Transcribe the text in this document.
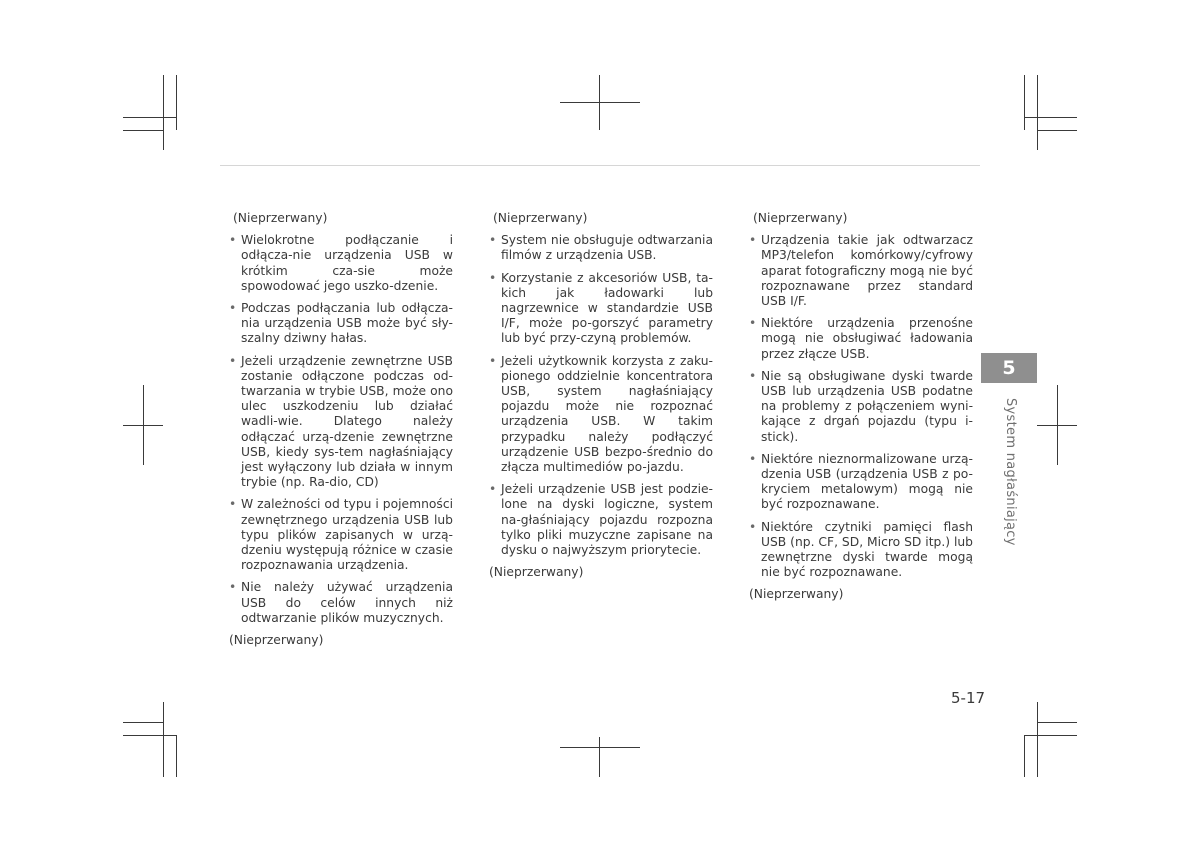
(Nieprzerwany)
• Wielokrotne podłączanie i odłącza-nie urządzenia USB w krótkim cza-sie może spowodować jego uszko-dzenie.
• Podczas podłączania lub odłącza-nia urządzenia USB może być sły-szalny dziwny hałas.
• Jeżeli urządzenie zewnętrzne USB zostanie odłączone podczas od-twarzania w trybie USB, może ono ulec uszkodzeniu lub działać wadli-wie. Dlatego należy odłączać urzą-dzenie zewnętrzne USB, kiedy sys-tem nagłaśniający jest wyłączony lub działa w innym trybie (np. Ra-dio, CD)
• W zależności od typu i pojemności zewnętrznego urządzenia USB lub typu plików zapisanych w urzą-dzeniu występują różnice w czasie rozpoznawania urządzenia.
• Nie należy używać urządzenia USB do celów innych niż odtwarzanie plików muzycznych.
(Nieprzerwany)
(Nieprzerwany)
• System nie obsługuje odtwarzania filmów z urządzenia USB.
• Korzystanie z akcesoriów USB, ta-kich jak ładowarki lub nagrzewnice w standardzie USB I/F, może po-gorszyć parametry lub być przy-czyną problemów.
• Jeżeli użytkownik korzysta z zaku-pionego oddzielnie koncentratora USB, system nagłaśniający pojazdu może nie rozpoznać urządzenia USB. W takim przypadku należy podłączyć urządzenie USB bezpo-średnio do złącza multimediów po-jazdu.
• Jeżeli urządzenie USB jest podzie-lone na dyski logiczne, system na-głaśniający pojazdu rozpozna tylko pliki muzyczne zapisane na dysku o najwyższym priorytecie.
(Nieprzerwany)
(Nieprzerwany)
• Urządzenia takie jak odtwarzacz MP3/telefon komórkowy/cyfrowy aparat fotograficzny mogą nie być rozpoznawane przez standard USB I/F.
• Niektóre urządzenia przenośne mogą nie obsługiwać ładowania przez złącze USB.
• Nie są obsługiwane dyski twarde USB lub urządzenia USB podatne na problemy z połączeniem wyni-kające z drgań pojazdu (typu i-stick).
• Niektóre nieznormalizowane urzą-dzenia USB (urządzenia USB z po-kryciem metalowym) mogą nie być rozpoznawane.
• Niektóre czytniki pamięci flash USB (np. CF, SD, Micro SD itp.) lub zewnętrzne dyski twarde mogą nie być rozpoznawane.
(Nieprzerwany)
5
System nagłaśniający
5-17
